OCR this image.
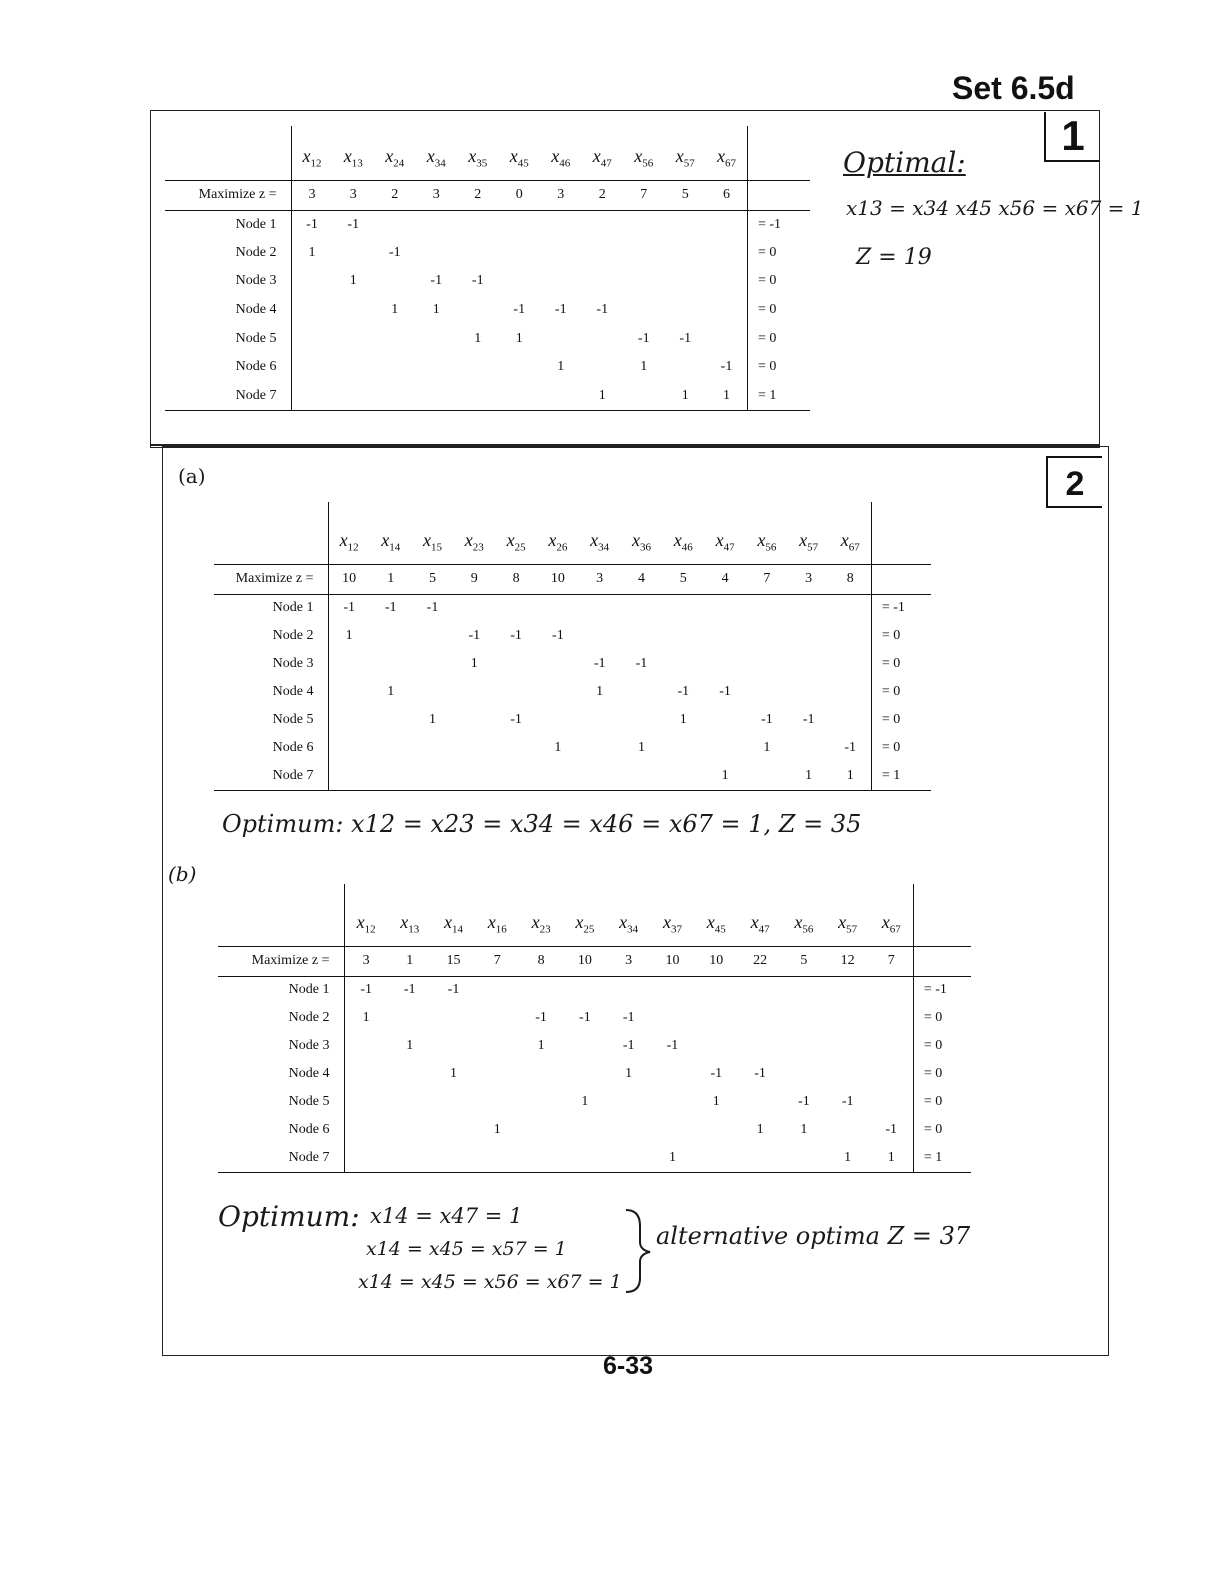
Set 6.5d
1
	$x_{12}$	$x_{13}$	$x_{24}$	$x_{34}$	$x_{35}$	$x_{45}$	$x_{46}$	$x_{47}$	$x_{56}$	$x_{57}$	$x_{67}$	
Maximize z =	3	3	2	3	2	0	3	2	7	5	6	
Node 1	-1	-1										= -1
Node 2	1		-1									= 0
Node 3		1		-1	-1							= 0
Node 4			1	1		-1	-1	-1				= 0
Node 5					1	1			-1	-1		= 0
Node 6							1		1		-1	= 0
Node 7								1		1	1	= 1
Optimal:
x13 = x34 x45 x56 = x67 = 1
Z = 19
2
(a)
	$x_{12}$	$x_{14}$	$x_{15}$	$x_{23}$	$x_{25}$	$x_{26}$	$x_{34}$	$x_{36}$	$x_{46}$	$x_{47}$	$x_{56}$	$x_{57}$	$x_{67}$	
Maximize z =	10	1	5	9	8	10	3	4	5	4	7	3	8	
Node 1	-1	-1	-1											= -1
Node 2	1			-1	-1	-1								= 0
Node 3				1			-1	-1						= 0
Node 4		1					1		-1	-1				= 0
Node 5			1		-1				1		-1	-1		= 0
Node 6						1		1			1		-1	= 0
Node 7										1		1	1	= 1
Optimum: x12 = x23 = x34 = x46 = x67 = 1, Z = 35
(b)
	$x_{12}$	$x_{13}$	$x_{14}$	$x_{16}$	$x_{23}$	$x_{25}$	$x_{34}$	$x_{37}$	$x_{45}$	$x_{47}$	$x_{56}$	$x_{57}$	$x_{67}$	
Maximize z =	3	1	15	7	8	10	3	10	10	22	5	12	7	
Node 1	-1	-1	-1											= -1
Node 2	1				-1	-1	-1							= 0
Node 3		1			1		-1	-1						= 0
Node 4			1				1		-1	-1				= 0
Node 5						1			1		-1	-1		= 0
Node 6				1						1	1		-1	= 0
Node 7								1				1	1	= 1
Optimum: x14 = x47 = 1
x14 = x45 = x57 = 1
x14 = x45 = x56 = x67 = 1
alternative optima Z = 37
6-33
